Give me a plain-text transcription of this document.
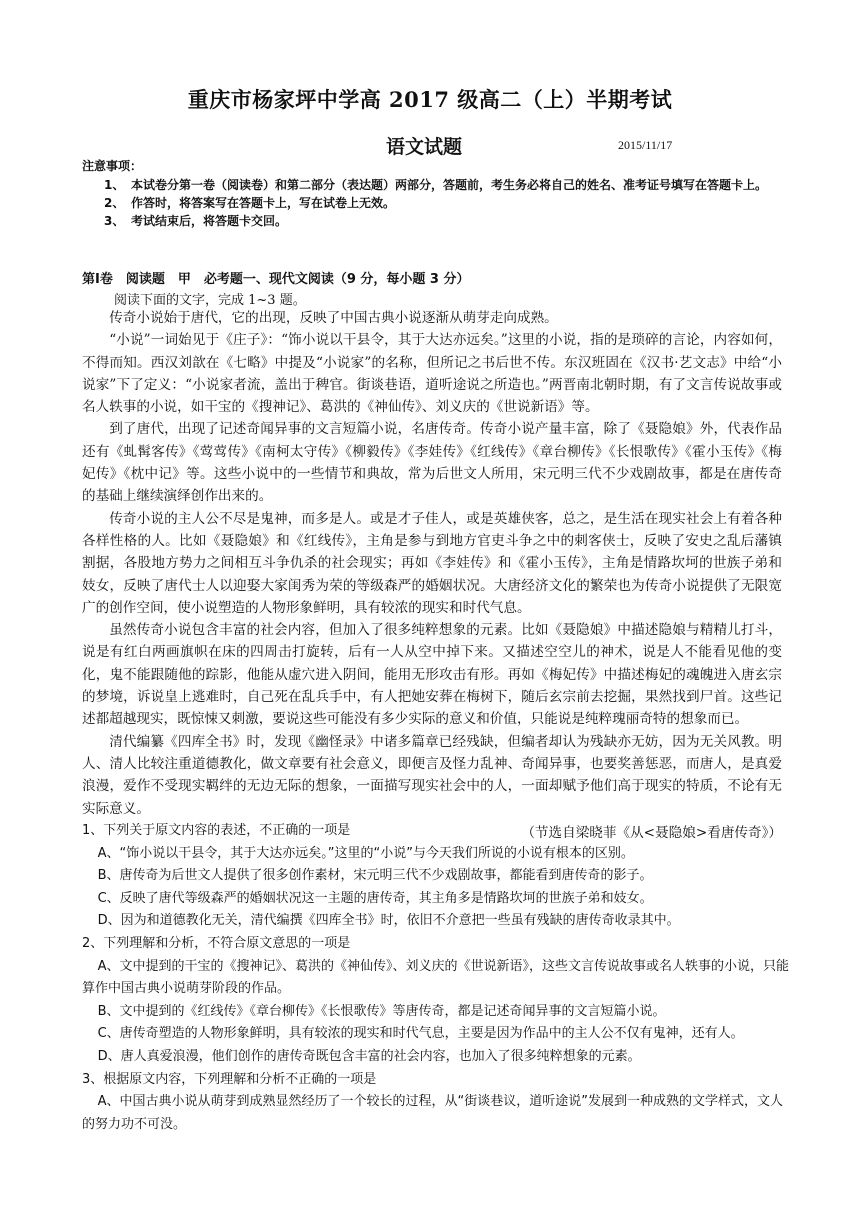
重庆市杨家坪中学高 2017 级高二（上）半期考试
语文试题	2015/11/17
注意事项：
1、 本试卷分第一卷（阅读卷）和第二部分（表达题）两部分，答题前，考生务必将自己的姓名、准考证号填写在答题卡上。
2、 作答时，将答案写在答题卡上，写在试卷上无效。
3、 考试结束后，将答题卡交回。
第Ⅰ卷　阅读题　甲　必考题一、现代文阅读（9 分，每小题 3 分）
阅读下面的文字，完成 1~3 题。

传奇小说始于唐代，它的出现，反映了中国古典小说逐渐从萌芽走向成熟。

“小说”一词始见于《庄子》：“饰小说以干县令，其于大达亦远矣。”这里的小说，指的是琐碎的言论，内容如何，不得而知。西汉刘歆在《七略》中提及“小说家”的名称，但所记之书后世不传。东汉班固在《汉书·艺文志》中给“小说家”下了定义：“小说家者流，盖出于稗官。街谈巷语，道听途说之所造也。”两晋南北朝时期，有了文言传说故事或名人轶事的小说，如干宝的《搜神记》、葛洪的《神仙传》、刘义庆的《世说新语》等。

到了唐代，出现了记述奇闻异事的文言短篇小说，名唐传奇。传奇小说产量丰富，除了《聂隐娘》外，代表作品还有《虬髯客传》《莺莺传》《南柯太守传》《柳毅传》《李娃传》《红线传》《章台柳传》《长恨歌传》《霍小玉传》《梅妃传》《枕中记》等。这些小说中的一些情节和典故，常为后世文人所用，宋元明三代不少戏剧故事，都是在唐传奇的基础上继续演绎创作出来的。

传奇小说的主人公不尽是鬼神，而多是人。或是才子佳人，或是英雄侠客，总之，是生活在现实社会上有着各种各样性格的人。比如《聂隐娘》和《红线传》，主角是参与到地方官吏斗争之中的刺客侠士，反映了安史之乱后藩镇割据，各股地方势力之间相互斗争仇杀的社会现实；再如《李娃传》和《霍小玉传》，主角是情路坎坷的世族子弟和妓女，反映了唐代士人以迎娶大家闺秀为荣的等级森严的婚姻状况。大唐经济文化的繁荣也为传奇小说提供了无限宽广的创作空间，使小说塑造的人物形象鲜明，具有较浓的现实和时代气息。

虽然传奇小说包含丰富的社会内容，但加入了很多纯粹想象的元素。比如《聂隐娘》中描述隐娘与精精儿打斗，说是有红白两画旗帜在床的四周击打旋转，后有一人从空中掉下来。又描述空空儿的神术，说是人不能看见他的变化，鬼不能跟随他的踪影，他能从虚穴进入阴间，能用无形攻击有形。再如《梅妃传》中描述梅妃的魂魄进入唐玄宗的梦境，诉说皇上逃难时，自己死在乱兵手中，有人把她安葬在梅树下，随后玄宗前去挖掘，果然找到尸首。这些记述都超越现实，既惊悚又刺激，要说这些可能没有多少实际的意义和价值，只能说是纯粹瑰丽奇特的想象而已。

清代编纂《四库全书》时，发现《幽怪录》中诸多篇章已经残缺，但编者却认为残缺亦无妨，因为无关风教。明人、清人比较注重道德教化，做文章要有社会意义，即便言及怪力乱神、奇闻异事，也要奖善惩恶，而唐人，是真爱浪漫，爱作不受现实羁绊的无边无际的想象，一面描写现实社会中的人，一面却赋予他们高于现实的特质，不论有无实际意义。

（节选自梁晓菲《从<聂隐娘>看唐传奇》）

1、下列关于原文内容的表述，不正确的一项是

A、“饰小说以干县令，其于大达亦远矣。”这里的“小说”与今天我们所说的小说有根本的区别。

B、唐传奇为后世文人提供了很多创作素材，宋元明三代不少戏剧故事，都能看到唐传奇的影子。

C、反映了唐代等级森严的婚姻状况这一主题的唐传奇，其主角多是情路坎坷的世族子弟和妓女。

D、因为和道德教化无关，清代编撰《四库全书》时，依旧不介意把一些虽有残缺的唐传奇收录其中。

2、下列理解和分析，不符合原文意思的一项是

A、文中提到的干宝的《搜神记》、葛洪的《神仙传》、刘义庆的《世说新语》，这些文言传说故事或名人轶事的小说，只能算作中国古典小说萌芽阶段的作品。

B、文中提到的《红线传》《章台柳传》《长恨歌传》等唐传奇，都是记述奇闻异事的文言短篇小说。

C、唐传奇塑造的人物形象鲜明，具有较浓的现实和时代气息，主要是因为作品中的主人公不仅有鬼神，还有人。

D、唐人真爱浪漫，他们创作的唐传奇既包含丰富的社会内容，也加入了很多纯粹想象的元素。

3、根据原文内容，下列理解和分析不正确的一项是

A、中国古典小说从萌芽到成熟显然经历了一个较长的过程，从“街谈巷议，道听途说”发展到一种成熟的文学样式，文人的努力功不可没。
